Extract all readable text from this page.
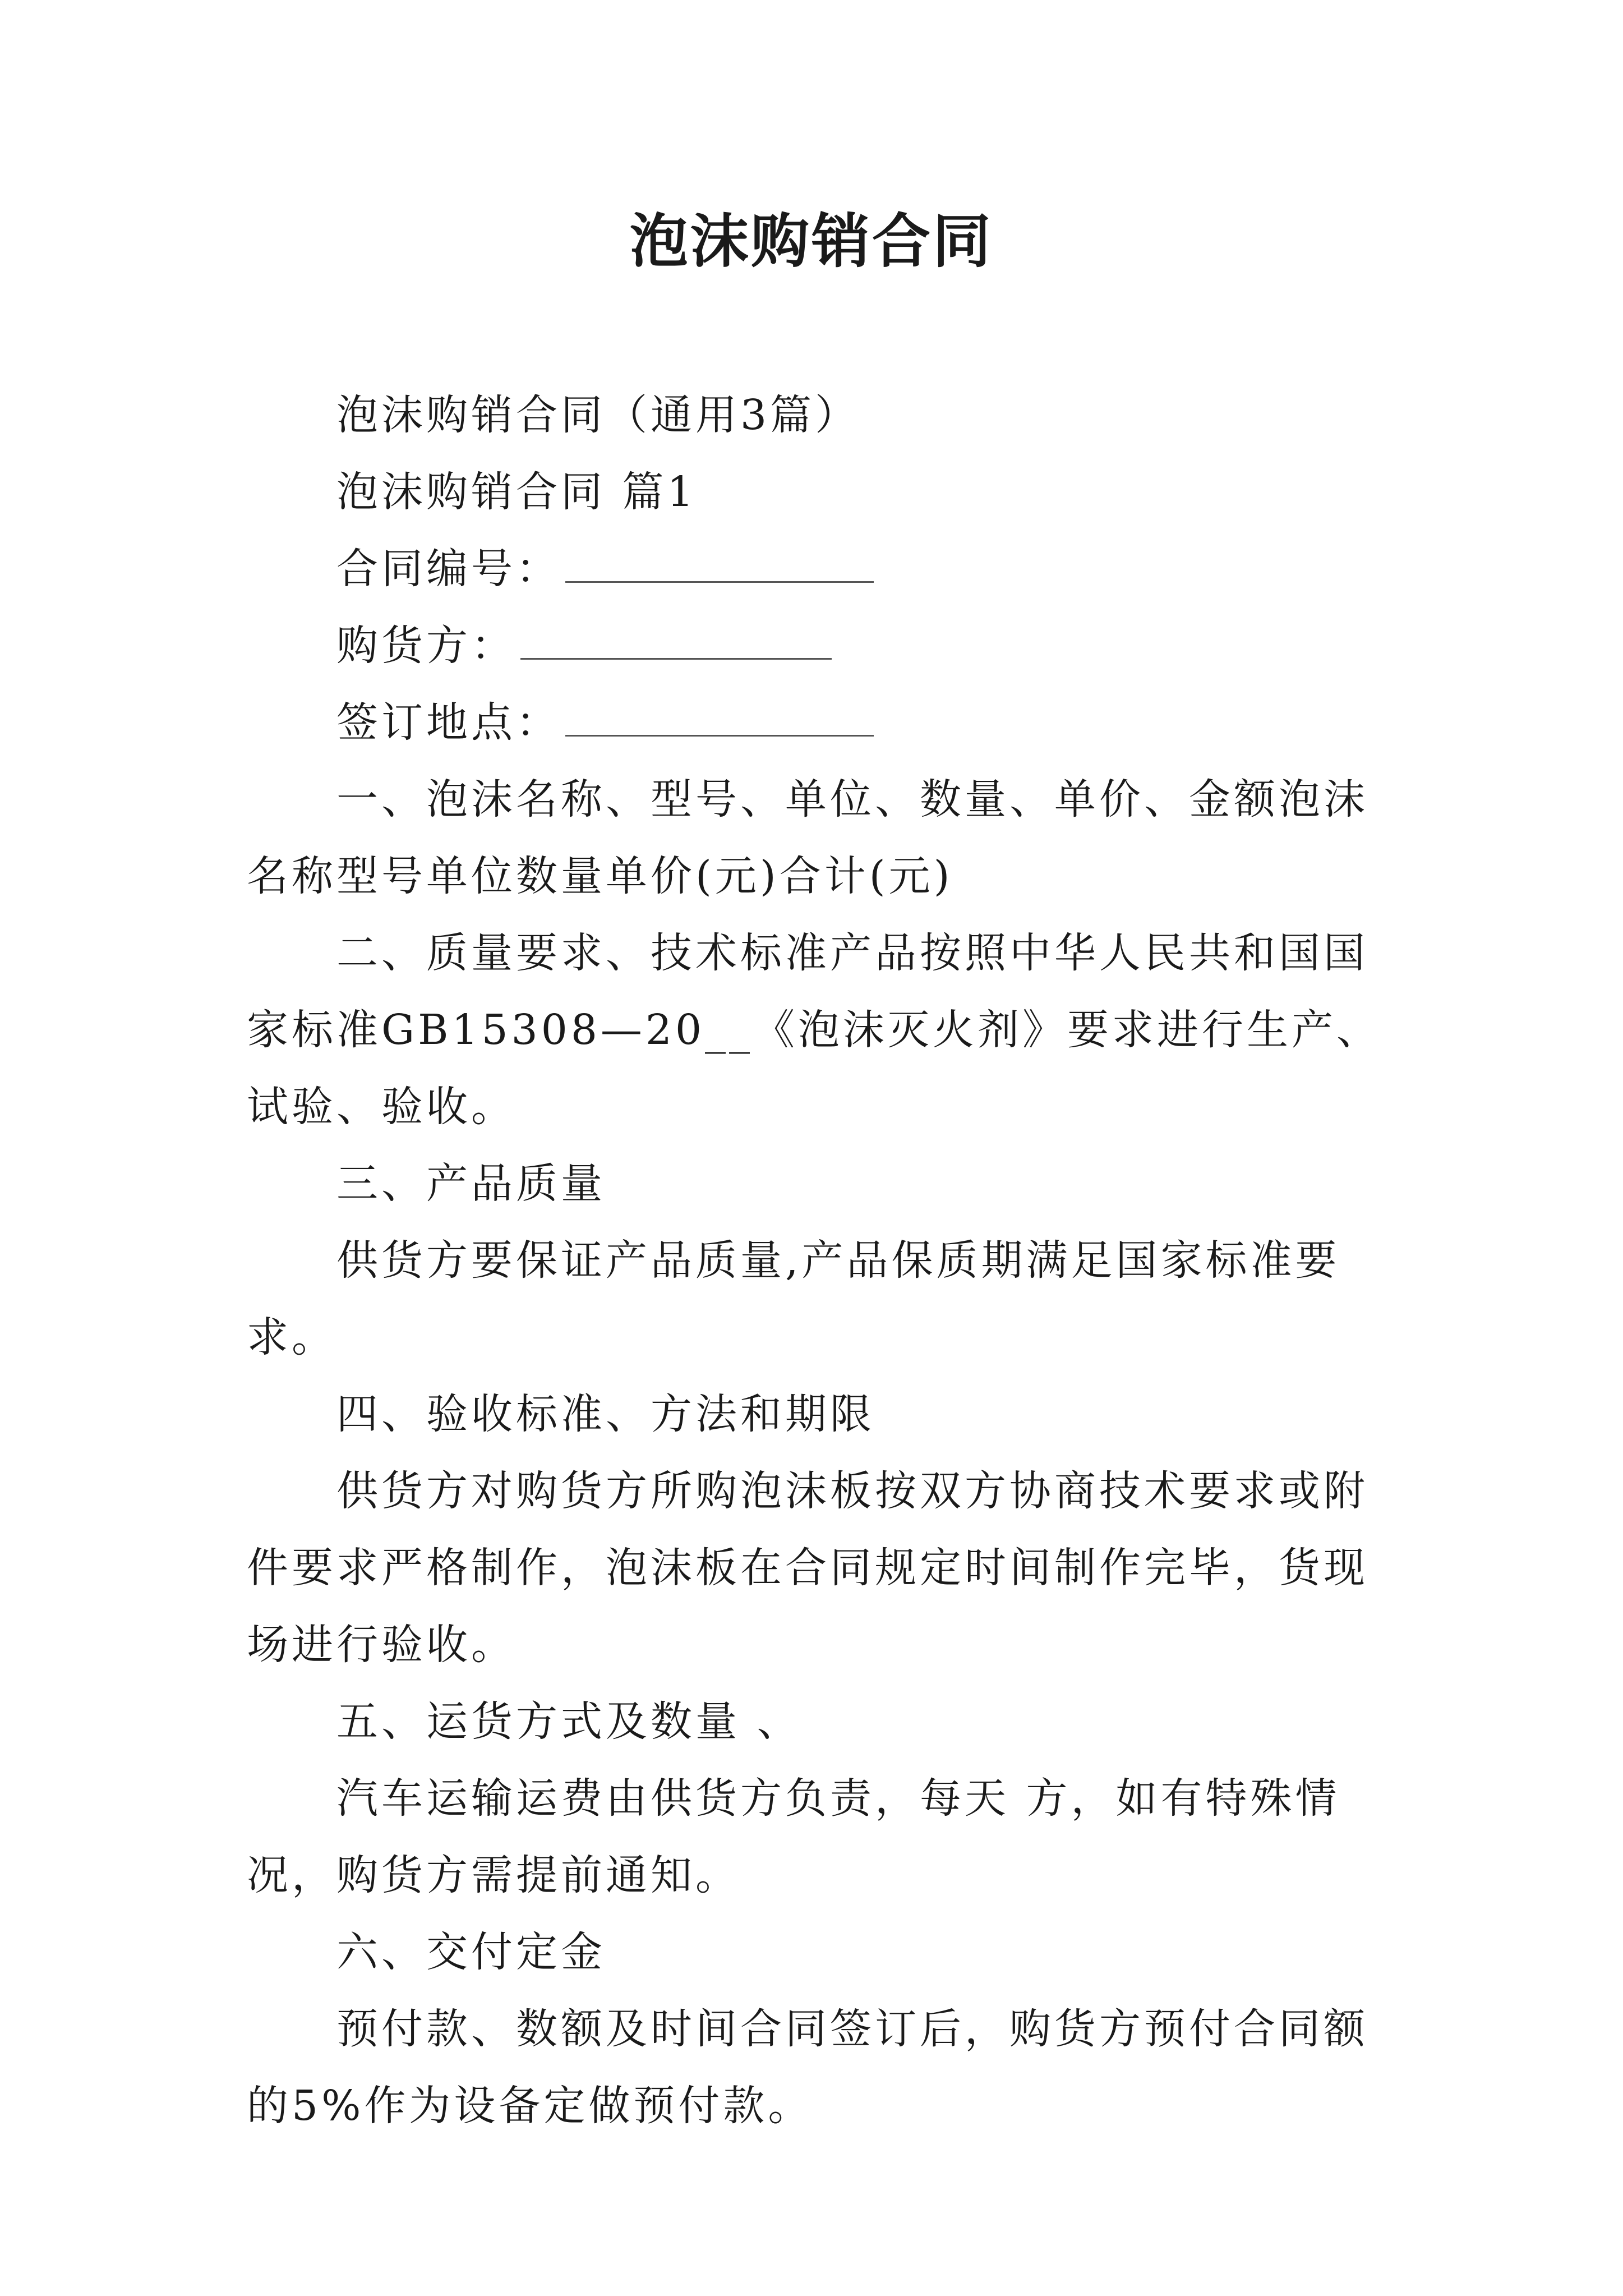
泡沫购销合同

泡沫购销合同（通用3篇）

泡沫购销合同 篇1

合同编号：

购货方：

签订地点：

一、泡沫名称、型号、单位、数量、单价、金额泡沫名称型号单位数量单价(元)合计(元)

二、质量要求、技术标准产品按照中华人民共和国国家标准GB15308—20__《泡沫灭火剂》要求进行生产、试验、验收。

三、产品质量

供货方要保证产品质量,产品保质期满足国家标准要求。

四、验收标准、方法和期限

供货方对购货方所购泡沫板按双方协商技术要求或附件要求严格制作，泡沫板在合同规定时间制作完毕，货现场进行验收。

五、运货方式及数量 、

汽车运输运费由供货方负责，每天 方，如有特殊情况，购货方需提前通知。

六、交付定金

预付款、数额及时间合同签订后，购货方预付合同额的5%作为设备定做预付款。
